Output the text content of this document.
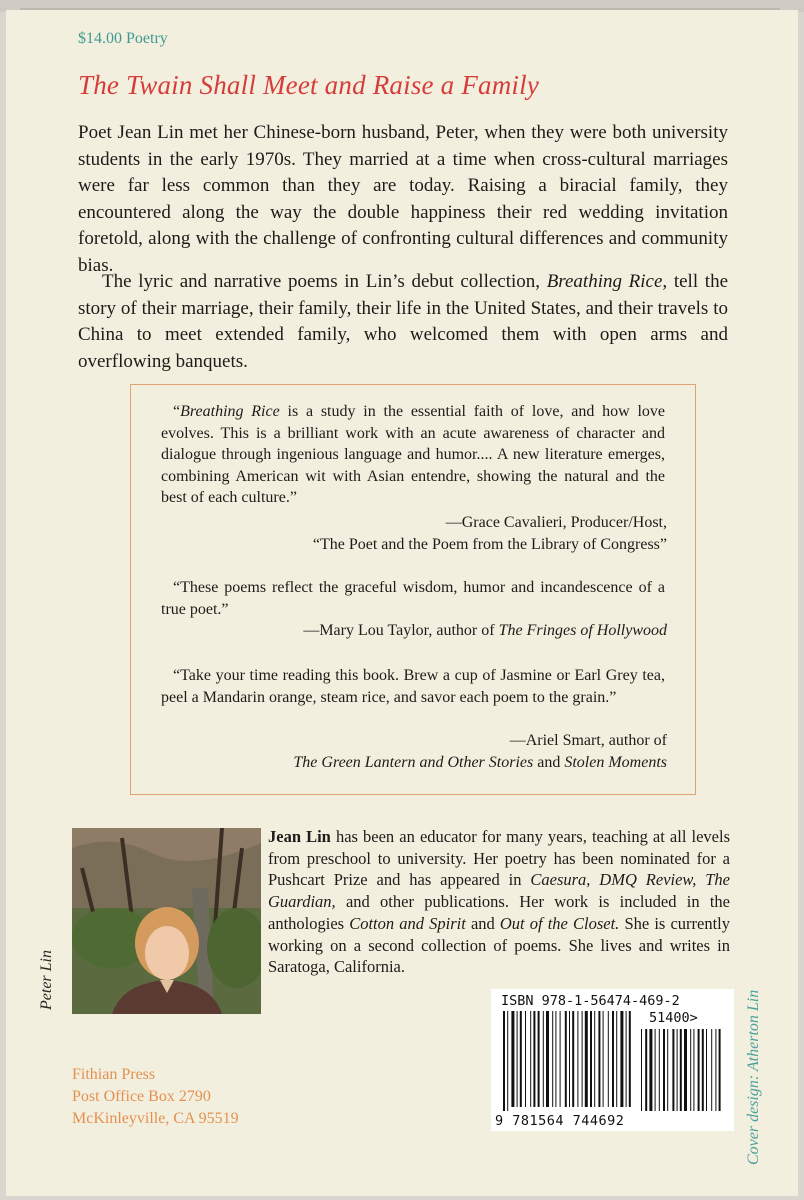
$14.00 Poetry
The Twain Shall Meet and Raise a Family

Poet Jean Lin met her Chinese-born husband, Peter, when they were both university students in the early 1970s. They married at a time when cross-cultural marriages were far less common than they are today. Raising a biracial family, they encountered along the way the double happiness their red wedding invitation foretold, along with the challenge of confronting cultural differences and community bias.

The lyric and narrative poems in Lin’s debut collection, Breathing Rice, tell the story of their marriage, their family, their life in the United States, and their travels to China to meet extended family, who welcomed them with open arms and overflowing banquets.

“Breathing Rice is a study in the essential faith of love, and how love evolves. This is a brilliant work with an acute awareness of character and dialogue through ingenious language and humor.... A new literature emerges, combining American wit with Asian entendre, showing the natural and the best of each culture.”

—Grace Cavalieri, Producer/Host,
“The Poet and the Poem from the Library of Congress”

“These poems reflect the graceful wisdom, humor and incandescence of a true poet.”

—Mary Lou Taylor, author of The Fringes of Hollywood

“Take your time reading this book. Brew a cup of Jasmine or Earl Grey tea, peel a Mandarin orange, steam rice, and savor each poem to the grain.”

—Ariel Smart, author of
The Green Lantern and Other Stories and Stolen Moments
Peter Lin

Jean Lin has been an educator for many years, teaching at all levels from preschool to university. Her poetry has been nominated for a Pushcart Prize and has appeared in Caesura, DMQ Review, The Guardian, and other publications. Her work is included in the anthologies Cotton and Spirit and Out of the Closet. She is currently working on a second collection of poems. She lives and writes in Saratoga, California.

Fithian Press
Post Office Box 2790
McKinleyville, CA 95519
ISBN 978-1-56474-469-2
51400>
9 781564 744692	Cover design: Atherton Lin
